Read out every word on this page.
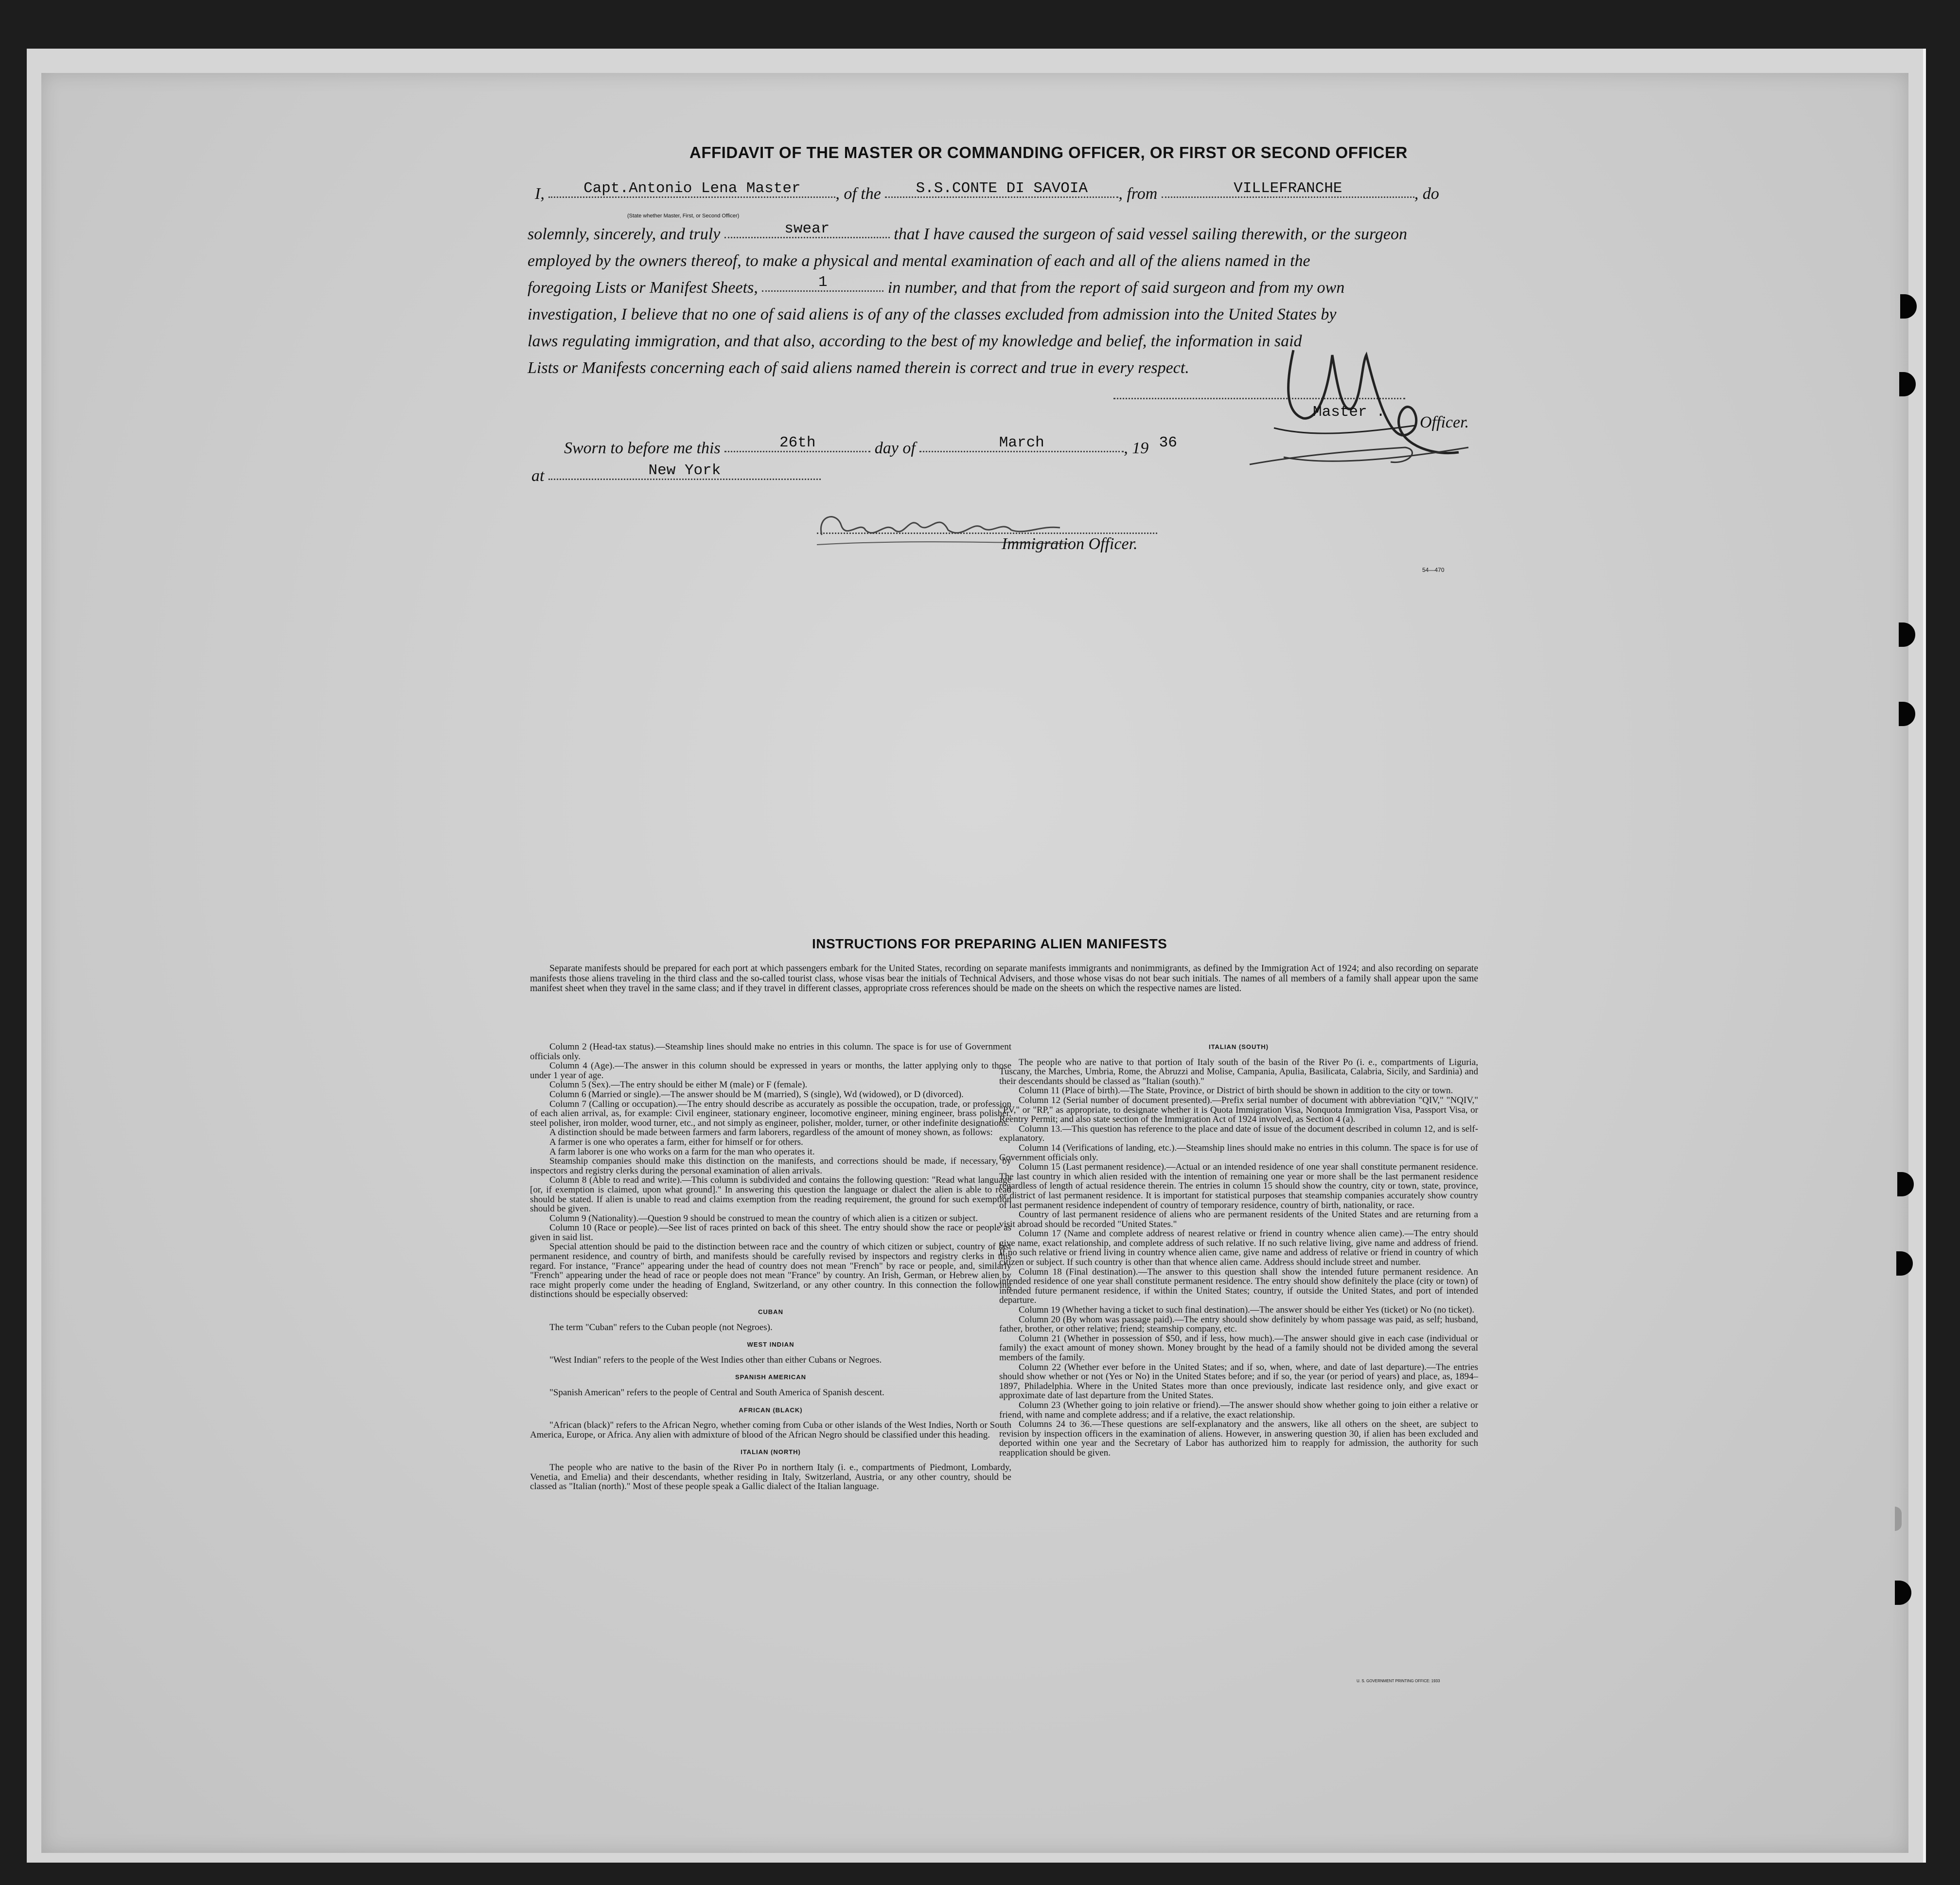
AFFIDAVIT OF THE MASTER OR COMMANDING OFFICER, OR FIRST OR SECOND OFFICER
I,	Capt.Antonio Lena Master , of the S.S.CONTE DI SAVOIA , from	VILLEFRANCHE	, do
(State whether Master, First, or Second Officer)
solemnly, sincerely, and truly	swear	that I have caused the surgeon of said vessel sailing therewith, or the surgeon
employed by the owners thereof, to make a physical and mental examination of each and all of the aliens named in the
foregoing Lists or Manifest Sheets,	1	in number, and that from the report of said surgeon and from my own
investigation, I believe that no one of said aliens is of any of the classes excluded from admission into the United States by
laws regulating immigration, and that also, according to the best of my knowledge and belief, the information in said
Lists or Manifests concerning each of said aliens named therein is correct and true in every respect.
Master .
Officer.
Sworn to before me this	26th	day of	March	, 19 36
at	New York
Immigration Officer.
54—470
INSTRUCTIONS FOR PREPARING ALIEN MANIFESTS

Separate manifests should be prepared for each port at which passengers embark for the United States, recording on separate manifests immigrants and nonimmigrants, as defined by the Immigration Act of 1924; and also recording on separate manifests those aliens traveling in the third class and the so-called tourist class, whose visas bear the initials of Technical Advisers, and those whose visas do not bear such initials. The names of all members of a family shall appear upon the same manifest sheet when they travel in the same class; and if they travel in different classes, appropriate cross references should be made on the sheets on which the respective names are listed.

Column 2 (Head-tax status).—Steamship lines should make no entries in this column. The space is for use of Government officials only.

Column 4 (Age).—The answer in this column should be expressed in years or months, the latter applying only to those under 1 year of age.

Column 5 (Sex).—The entry should be either M (male) or F (female).

Column 6 (Married or single).—The answer should be M (married), S (single), Wd (widowed), or D (divorced).

Column 7 (Calling or occupation).—The entry should describe as accurately as possible the occupation, trade, or profession of each alien arrival, as, for example: Civil engineer, stationary engineer, locomotive engineer, mining engineer, brass polisher, steel polisher, iron molder, wood turner, etc., and not simply as engineer, polisher, molder, turner, or other indefinite designations.

A distinction should be made between farmers and farm laborers, regardless of the amount of money shown, as follows:

A farmer is one who operates a farm, either for himself or for others.

A farm laborer is one who works on a farm for the man who operates it.

Steamship companies should make this distinction on the manifests, and corrections should be made, if necessary, by inspectors and registry clerks during the personal examination of alien arrivals.

Column 8 (Able to read and write).—This column is subdivided and contains the following question: "Read what language [or, if exemption is claimed, upon what ground]." In answering this question the language or dialect the alien is able to read should be stated. If alien is unable to read and claims exemption from the reading requirement, the ground for such exemption should be given.

Column 9 (Nationality).—Question 9 should be construed to mean the country of which alien is a citizen or subject.

Column 10 (Race or people).—See list of races printed on back of this sheet. The entry should show the race or people as given in said list.

Special attention should be paid to the distinction between race and the country of which citizen or subject, country of last permanent residence, and country of birth, and manifests should be carefully revised by inspectors and registry clerks in this regard. For instance, "France" appearing under the head of country does not mean "French" by race or people, and, similarly "French" appearing under the head of race or people does not mean "France" by country. An Irish, German, or Hebrew alien by race might properly come under the heading of England, Switzerland, or any other country. In this connection the following distinctions should be especially observed:

CUBAN

The term "Cuban" refers to the Cuban people (not Negroes).

WEST INDIAN

"West Indian" refers to the people of the West Indies other than either Cubans or Negroes.

SPANISH AMERICAN

"Spanish American" refers to the people of Central and South America of Spanish descent.

AFRICAN (BLACK)

"African (black)" refers to the African Negro, whether coming from Cuba or other islands of the West Indies, North or South America, Europe, or Africa. Any alien with admixture of blood of the African Negro should be classified under this heading.

ITALIAN (NORTH)

The people who are native to the basin of the River Po in northern Italy (i. e., compartments of Piedmont, Lombardy, Venetia, and Emelia) and their descendants, whether residing in Italy, Switzerland, Austria, or any other country, should be classed as "Italian (north)." Most of these people speak a Gallic dialect of the Italian language.

ITALIAN (SOUTH)

The people who are native to that portion of Italy south of the basin of the River Po (i. e., compartments of Liguria, Tuscany, the Marches, Umbria, Rome, the Abruzzi and Molise, Campania, Apulia, Basilicata, Calabria, Sicily, and Sardinia) and their descendants should be classed as "Italian (south)."

Column 11 (Place of birth).—The State, Province, or District of birth should be shown in addition to the city or town.

Column 12 (Serial number of document presented).—Prefix serial number of document with abbreviation "QIV," "NQIV," "PV," or "RP," as appropriate, to designate whether it is Quota Immigration Visa, Nonquota Immigration Visa, Passport Visa, or Reentry Permit; and also state section of the Immigration Act of 1924 involved, as Section 4 (a).

Column 13.—This question has reference to the place and date of issue of the document described in column 12, and is self-explanatory.

Column 14 (Verifications of landing, etc.).—Steamship lines should make no entries in this column. The space is for use of Government officials only.

Column 15 (Last permanent residence).—Actual or an intended residence of one year shall constitute permanent residence. The last country in which alien resided with the intention of remaining one year or more shall be the last permanent residence regardless of length of actual residence therein. The entries in column 15 should show the country, city or town, state, province, or district of last permanent residence. It is important for statistical purposes that steamship companies accurately show country of last permanent residence independent of country of temporary residence, country of birth, nationality, or race.

Country of last permanent residence of aliens who are permanent residents of the United States and are returning from a visit abroad should be recorded "United States."

Column 17 (Name and complete address of nearest relative or friend in country whence alien came).—The entry should give name, exact relationship, and complete address of such relative. If no such relative living, give name and address of friend. If no such relative or friend living in country whence alien came, give name and address of relative or friend in country of which citizen or subject. If such country is other than that whence alien came. Address should include street and number.

Column 18 (Final destination).—The answer to this question shall show the intended future permanent residence. An intended residence of one year shall constitute permanent residence. The entry should show definitely the place (city or town) of intended future permanent residence, if within the United States; country, if outside the United States, and port of intended departure.

Column 19 (Whether having a ticket to such final destination).—The answer should be either Yes (ticket) or No (no ticket).

Column 20 (By whom was passage paid).—The entry should show definitely by whom passage was paid, as self; husband, father, brother, or other relative; friend; steamship company, etc.

Column 21 (Whether in possession of $50, and if less, how much).—The answer should give in each case (individual or family) the exact amount of money shown. Money brought by the head of a family should not be divided among the several members of the family.

Column 22 (Whether ever before in the United States; and if so, when, where, and date of last departure).—The entries should show whether or not (Yes or No) in the United States before; and if so, the year (or period of years) and place, as, 1894–1897, Philadelphia. Where in the United States more than once previously, indicate last residence only, and give exact or approximate date of last departure from the United States.

Column 23 (Whether going to join relative or friend).—The answer should show whether going to join either a relative or friend, with name and complete address; and if a relative, the exact relationship.

Columns 24 to 36.—These questions are self-explanatory and the answers, like all others on the sheet, are subject to revision by inspection officers in the examination of aliens. However, in answering question 30, if alien has been excluded and deported within one year and the Secretary of Labor has authorized him to reapply for admission, the authority for such reapplication should be given.

U. S. GOVERNMENT PRINTING OFFICE: 1933
